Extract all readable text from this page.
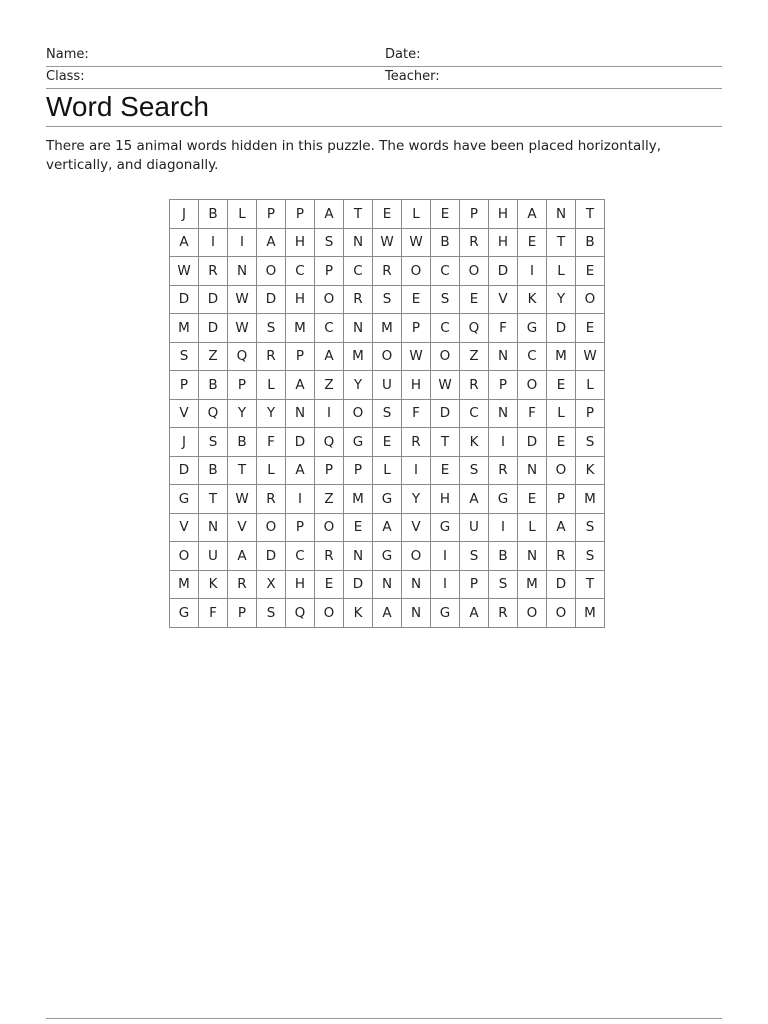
Name:	Date:
Class:	Teacher:
Word Search
There are 15 animal words hidden in this puzzle. The words have been placed horizontally, vertically, and diagonally.
J	B	L	P	P	A	T	E	L	E	P	H	A	N	T
A	I	I	A	H	S	N	W	W	B	R	H	E	T	B
W	R	N	O	C	P	C	R	O	C	O	D	I	L	E
D	D	W	D	H	O	R	S	E	S	E	V	K	Y	O
M	D	W	S	M	C	N	M	P	C	Q	F	G	D	E
S	Z	Q	R	P	A	M	O	W	O	Z	N	C	M	W
P	B	P	L	A	Z	Y	U	H	W	R	P	O	E	L
V	Q	Y	Y	N	I	O	S	F	D	C	N	F	L	P
J	S	B	F	D	Q	G	E	R	T	K	I	D	E	S
D	B	T	L	A	P	P	L	I	E	S	R	N	O	K
G	T	W	R	I	Z	M	G	Y	H	A	G	E	P	M
V	N	V	O	P	O	E	A	V	G	U	I	L	A	S
O	U	A	D	C	R	N	G	O	I	S	B	N	R	S
M	K	R	X	H	E	D	N	N	I	P	S	M	D	T
G	F	P	S	Q	O	K	A	N	G	A	R	O	O	M
